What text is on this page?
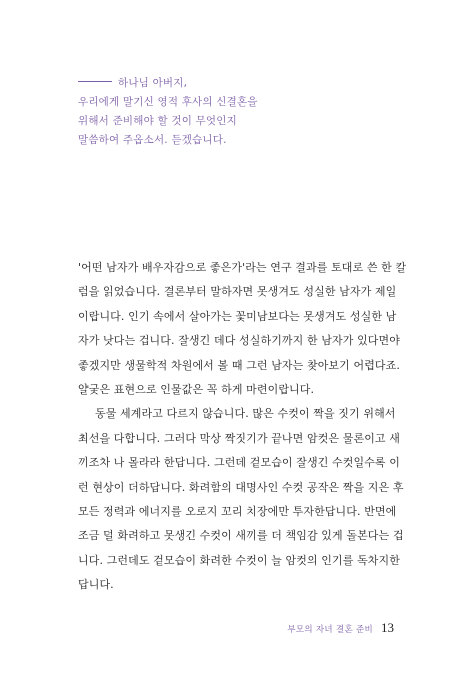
하나님 아버지,
우리에게 말기신 영적 후사의 신결혼을
위해서 준비해야 할 것이 무엇인지
말씀하여 주옵소서. 듣겠습니다.
'어떤 남자가 배우자감으로 좋은가'라는 연구 결과를 토대로 쓴 한 칼
럼을 읽었습니다. 결론부터 말하자면 못생겨도 성실한 남자가 제일
이랍니다. 인기 속에서 살아가는 꽃미남보다는 못생겨도 성실한 남
자가 낫다는 겁니다. 잘생긴 데다 성실하기까지 한 남자가 있다면야
좋겠지만 생물학적 차원에서 볼 때 그런 남자는 찾아보기 어렵다죠.
얄궂은 표현으로 인물값은 꼭 하게 마련이랍니다.
동물 세계라고 다르지 않습니다. 많은 수컷이 짝을 짓기 위해서
최선을 다합니다. 그러다 막상 짝짓기가 끝나면 암컷은 물론이고 새
끼조차 나 몰라라 한답니다. 그런데 겉모습이 잘생긴 수컷일수록 이
런 현상이 더하답니다. 화려함의 대명사인 수컷 공작은 짝을 지은 후
모든 정력과 에너지를 오로지 꼬리 치장에만 투자한답니다. 반면에
조금 덜 화려하고 못생긴 수컷이 새끼를 더 책임감 있게 돌본다는 겁
니다. 그런데도 겉모습이 화려한 수컷이 늘 암컷의 인기를 독차지한
답니다.
부모의 자녀 결혼 준비 13
